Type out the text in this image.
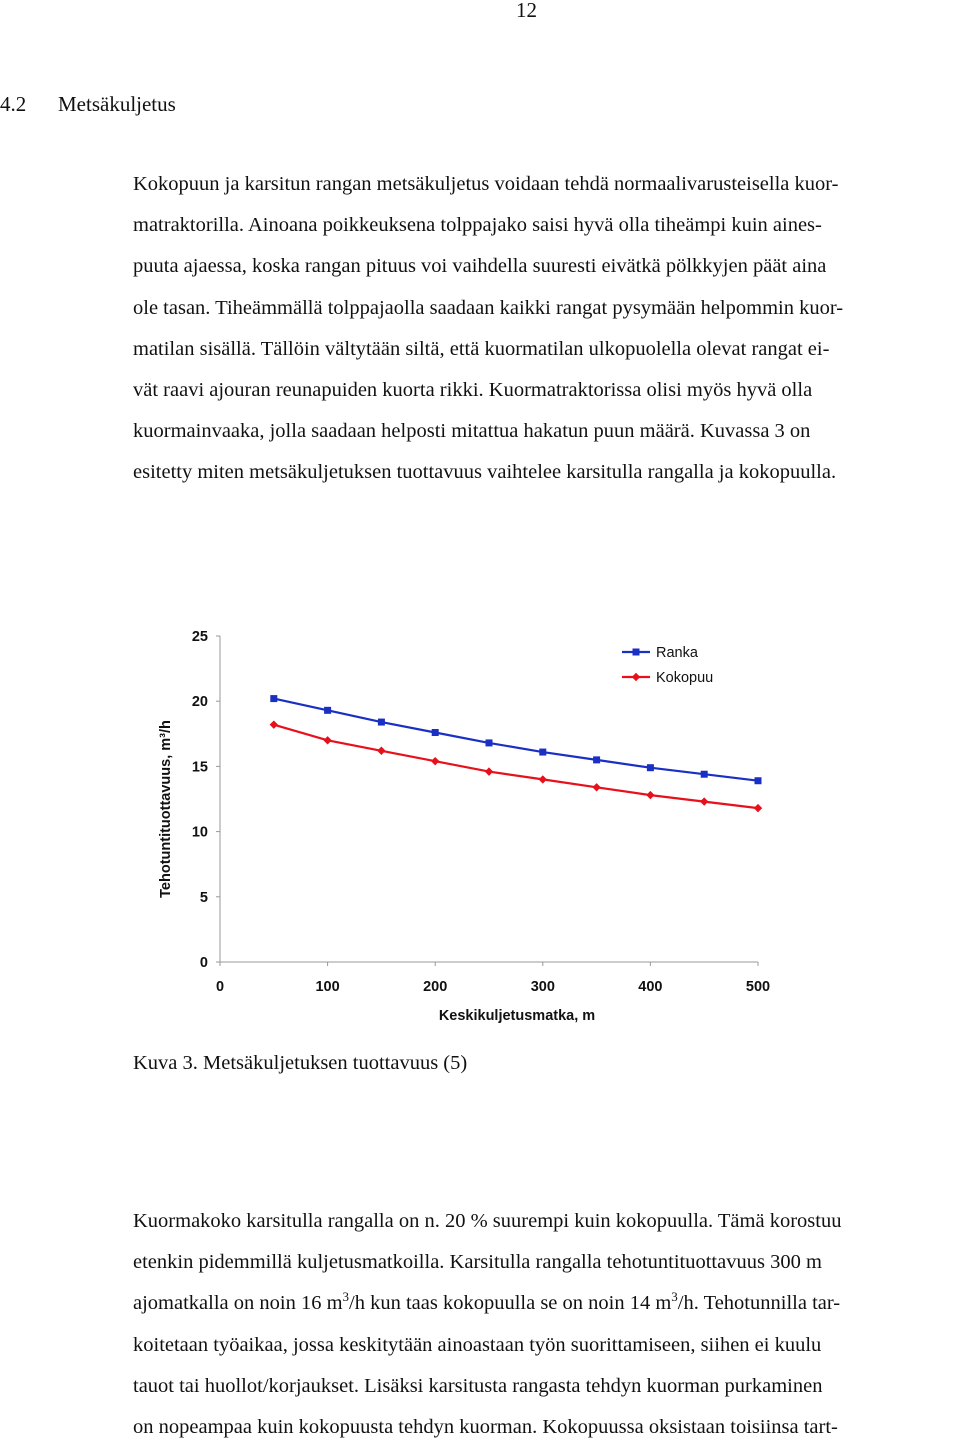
12
4.2 Metsäkuljetus

Kokopuun ja karsitun rangan metsäkuljetus voidaan tehdä normaalivarusteisella kuor-
matraktorilla. Ainoana poikkeuksena tolppajako saisi hyvä olla tiheämpi kuin aines-
puuta ajaessa, koska rangan pituus voi vaihdella suuresti eivätkä pölkkyjen päät aina
ole tasan. Tiheämmällä tolppajaolla saadaan kaikki rangat pysymään helpommin kuor-
matilan sisällä. Tällöin vältytään siltä, että kuormatilan ulkopuolella olevat rangat ei-
vät raavi ajouran reunapuiden kuorta rikki. Kuormatraktorissa olisi myös hyvä olla
kuormainvaaka, jolla saadaan helposti mitattua hakatun puun määrä. Kuvassa 3 on
esitetty miten metsäkuljetuksen tuottavuus vaihtelee karsitulla rangalla ja kokopuulla.

0
5
10
15
20
25
0	100	200	300	400	500
Ranka
Kokopuu
Keskikuljetusmatka, m
Tehotuntituottavuus, m³/h
Kuva 3. Metsäkuljetuksen tuottavuus (5)

Kuormakoko karsitulla rangalla on n. 20 % suurempi kuin kokopuulla. Tämä korostuu
etenkin pidemmillä kuljetusmatkoilla. Karsitulla rangalla tehotuntituottavuus 300 m
ajomatkalla on noin 16 $m^3/h$ kun taas kokopuulla se on noin 14 $m^3/h$. Tehotunnilla tar-
koitetaan työaikaa, jossa keskitytään ainoastaan työn suorittamiseen, siihen ei kuulu
tauot tai huollot/korjaukset. Lisäksi karsitusta rangasta tehdyn kuorman purkaminen
on nopeampaa kuin kokopuusta tehdyn kuorman. Kokopuussa oksistaan toisiinsa tart-
